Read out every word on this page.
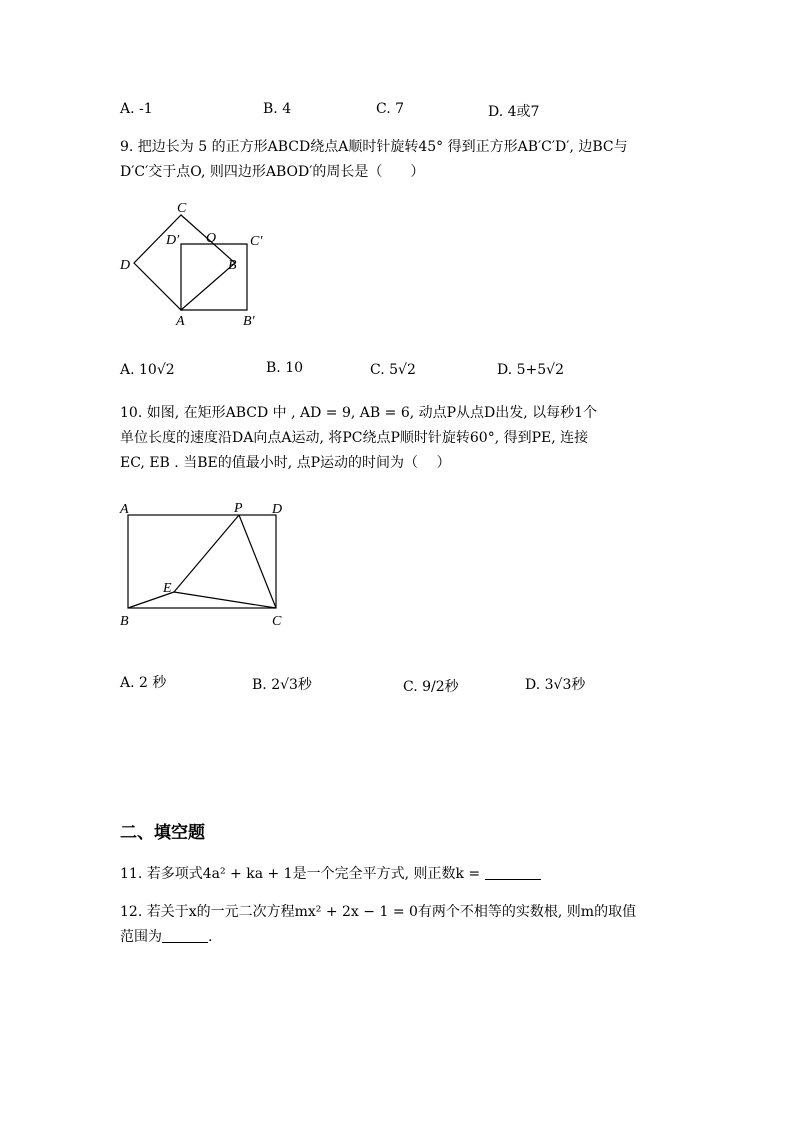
A. -1	B. 4	C. 7	D. 4或7
9. 把边长为 5 的正方形ABCD绕点A顺时针旋转45° 得到正方形AB′C′D′, 边BC与
D′C′交于点O, 则四边形ABOD′的周长是（　　）
C
D′ O C′
D	B
A	B′
A. 10√2	B. 10	C. 5√2	D. 5+5√2
10. 如图, 在矩形ABCD 中 , AD = 9, AB = 6, 动点P从点D出发, 以每秒1个
单位长度的速度沿DA向点A运动, 将PC绕点P顺时针旋转60°, 得到PE, 连接
EC, EB . 当BE的值最小时, 点P运动的时间为（　 ）
A	P D
E
B	C
A. 2 秒	B. 2√3秒	C. 9/2秒	D. 3√3秒
二、填空题
11. 若多项式4a² + ka + 1是一个完全平方式, 则正数k =
12. 若关于x的一元二次方程mx² + 2x − 1 = 0有两个不相等的实数根, 则m的取值
范围为	.
